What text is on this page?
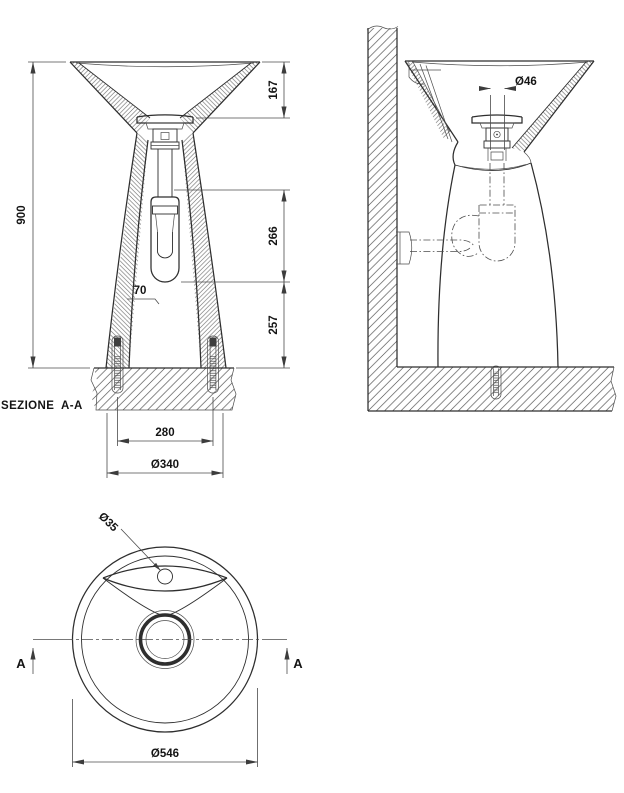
900
167
266
257
70
280
Ø340
SEZIONE  A-A
Ø46
A	A
Ø35
Ø546
